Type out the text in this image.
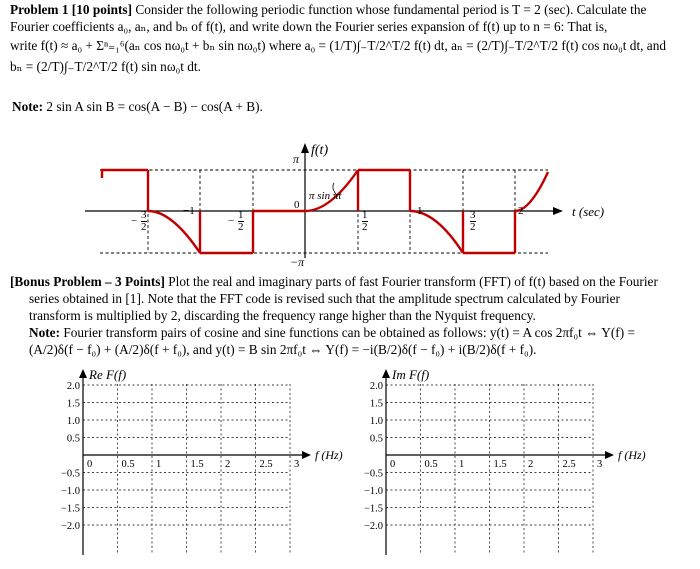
Problem 1 [10 points] Consider the following periodic function whose fundamental period is T = 2 (sec). Calculate the
Fourier coefficients a₀, aₙ, and bₙ of f(t), and write down the Fourier series expansion of f(t) up to n = 6: That is,
write f(t) ≈ a₀ + Σⁿ₌₁⁶(aₙ cos nω₀t + bₙ sin nω₀t) where a₀ = (1/T)∫₋T/2^T/2 f(t) dt, aₙ = (2/T)∫₋T/2^T/2 f(t) cos nω₀t dt, and
bₙ = (2/T)∫₋T/2^T/2 f(t) sin nω₀t dt.
Note: 2 sin A sin B = cos(A − B) − cos(A + B).
f(t)
π
0
−π
π sin πt
t (sec)
− $\frac{3}{2}$	−1
− $\frac{1}{2}$	1
2
1	3
2
2
[Bonus Problem – 3 Points] Plot the real and imaginary parts of fast Fourier transform (FFT) of f(t) based on the Fourier
series obtained in [1]. Note that the FFT code is revised such that the amplitude spectrum calculated by Fourier
transform is multiplied by 2, discarding the frequency range higher than the Nyquist frequency.
Note: Fourier transform pairs of cosine and sine functions can be obtained as follows: y(t) = A cos 2πf₀t ⇔ Y(f) =
(A/2)δ(f − f₀) + (A/2)δ(f + f₀), and y(t) = B sin 2πf₀t ⇔ Y(f) = −i(B/2)δ(f − f₀) + i(B/2)δ(f + f₀).
Re F(f)
f (Hz)
0	0.5 1	1.5 2	2.5 3
2.0
1.5
1.0
0.5
−0.5
−1.0
−1.5
−2.0
Im F(f)
f (Hz)
0	0.5 1	1.5 2	2.5 3
2.0
1.5
1.0
0.5
−0.5
−1.0
−1.5
−2.0
